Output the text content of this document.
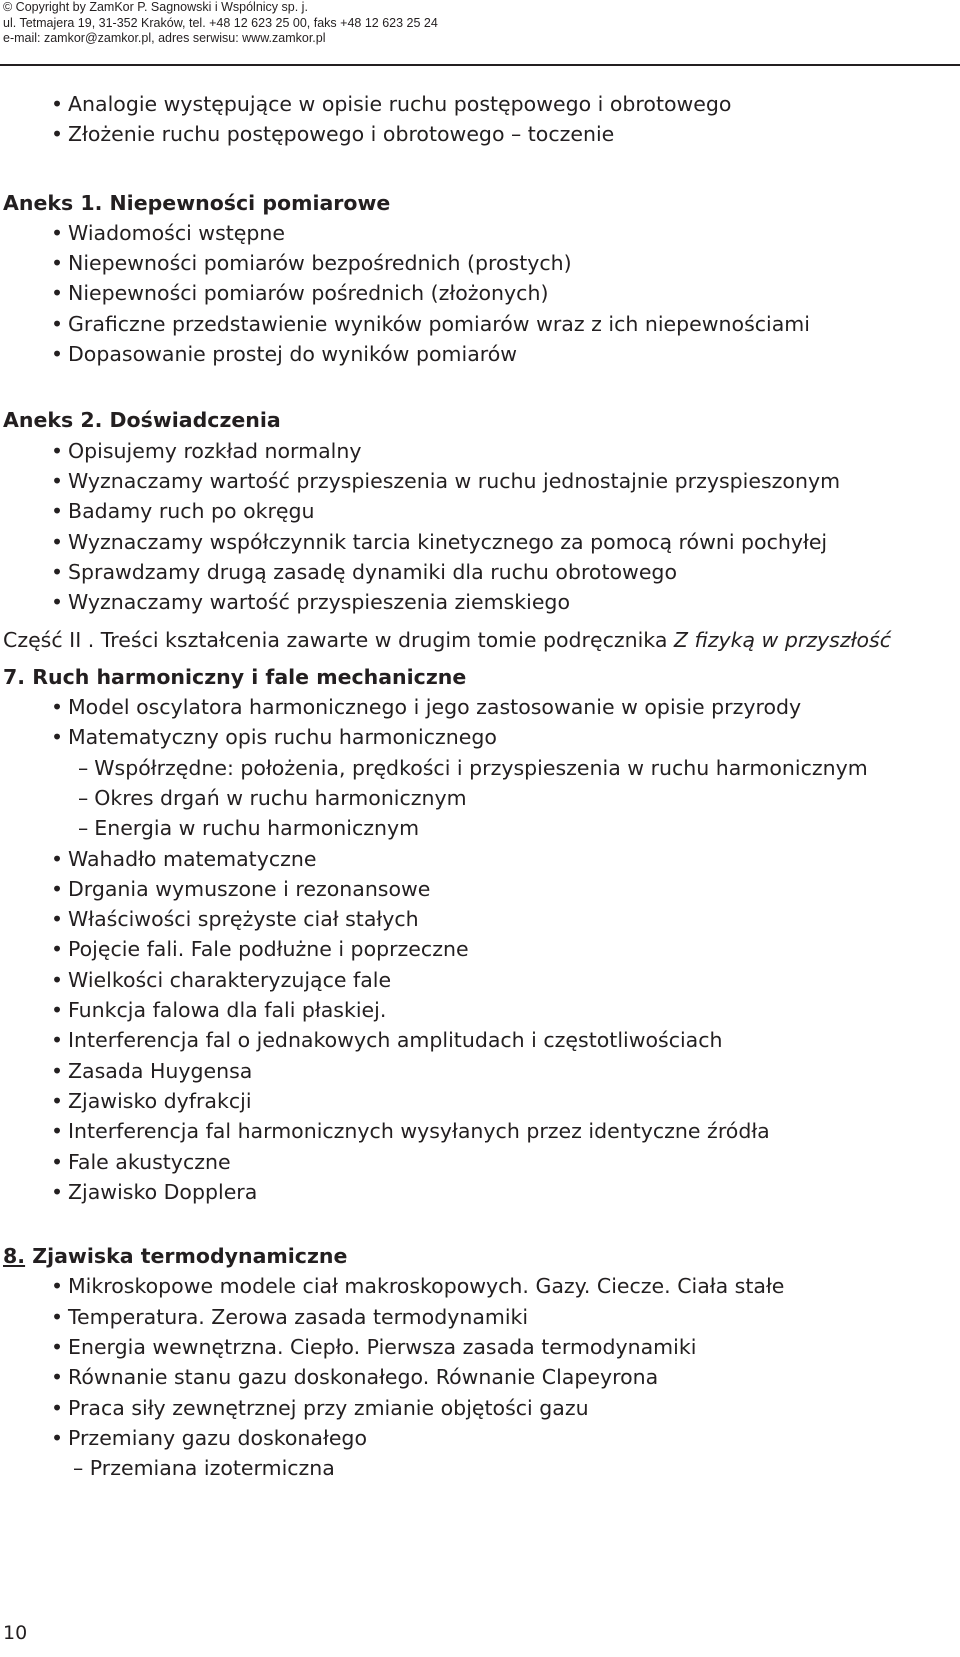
© Copyright by ZamKor P. Sagnowski i Wspólnicy sp. j.
ul. Tetmajera 19, 31-352 Kraków, tel. +48 12 623 25 00, faks +48 12 623 25 24
e-mail: zamkor@zamkor.pl, adres serwisu: www.zamkor.pl
• Analogie występujące w opisie ruchu postępowego i obrotowego
• Złożenie ruchu postępowego i obrotowego – toczenie
Aneks 1. Niepewności pomiarowe
• Wiadomości wstępne
• Niepewności pomiarów bezpośrednich (prostych)
• Niepewności pomiarów pośrednich (złożonych)
• Graficzne przedstawienie wyników pomiarów wraz z ich niepewnościami
• Dopasowanie prostej do wyników pomiarów
Aneks 2. Doświadczenia
• Opisujemy rozkład normalny
• Wyznaczamy wartość przyspieszenia w ruchu jednostajnie przyspieszonym
• Badamy ruch po okręgu
• Wyznaczamy współczynnik tarcia kinetycznego za pomocą równi pochyłej
• Sprawdzamy drugą zasadę dynamiki dla ruchu obrotowego
• Wyznaczamy wartość przyspieszenia ziemskiego
Część II . Treści kształcenia zawarte w drugim tomie podręcznika Z fizyką w przyszłość
7. Ruch harmoniczny i fale mechaniczne
• Model oscylatora harmonicznego i jego zastosowanie w opisie przyrody
• Matematyczny opis ruchu harmonicznego
– Współrzędne: położenia, prędkości i przyspieszenia w ruchu harmonicznym
– Okres drgań w ruchu harmonicznym
– Energia w ruchu harmonicznym
• Wahadło matematyczne
• Drgania wymuszone i rezonansowe
• Właściwości sprężyste ciał stałych
• Pojęcie fali. Fale podłużne i poprzeczne
• Wielkości charakteryzujące fale
• Funkcja falowa dla fali płaskiej.
• Interferencja fal o jednakowych amplitudach i częstotliwościach
• Zasada Huygensa
• Zjawisko dyfrakcji
• Interferencja fal harmonicznych wysyłanych przez identyczne źródła
• Fale akustyczne
• Zjawisko Dopplera
8. Zjawiska termodynamiczne
• Mikroskopowe modele ciał makroskopowych. Gazy. Ciecze. Ciała stałe
• Temperatura. Zerowa zasada termodynamiki
• Energia wewnętrzna. Ciepło. Pierwsza zasada termodynamiki
• Równanie stanu gazu doskonałego. Równanie Clapeyrona
• Praca siły zewnętrznej przy zmianie objętości gazu
• Przemiany gazu doskonałego
– Przemiana izotermiczna
10
